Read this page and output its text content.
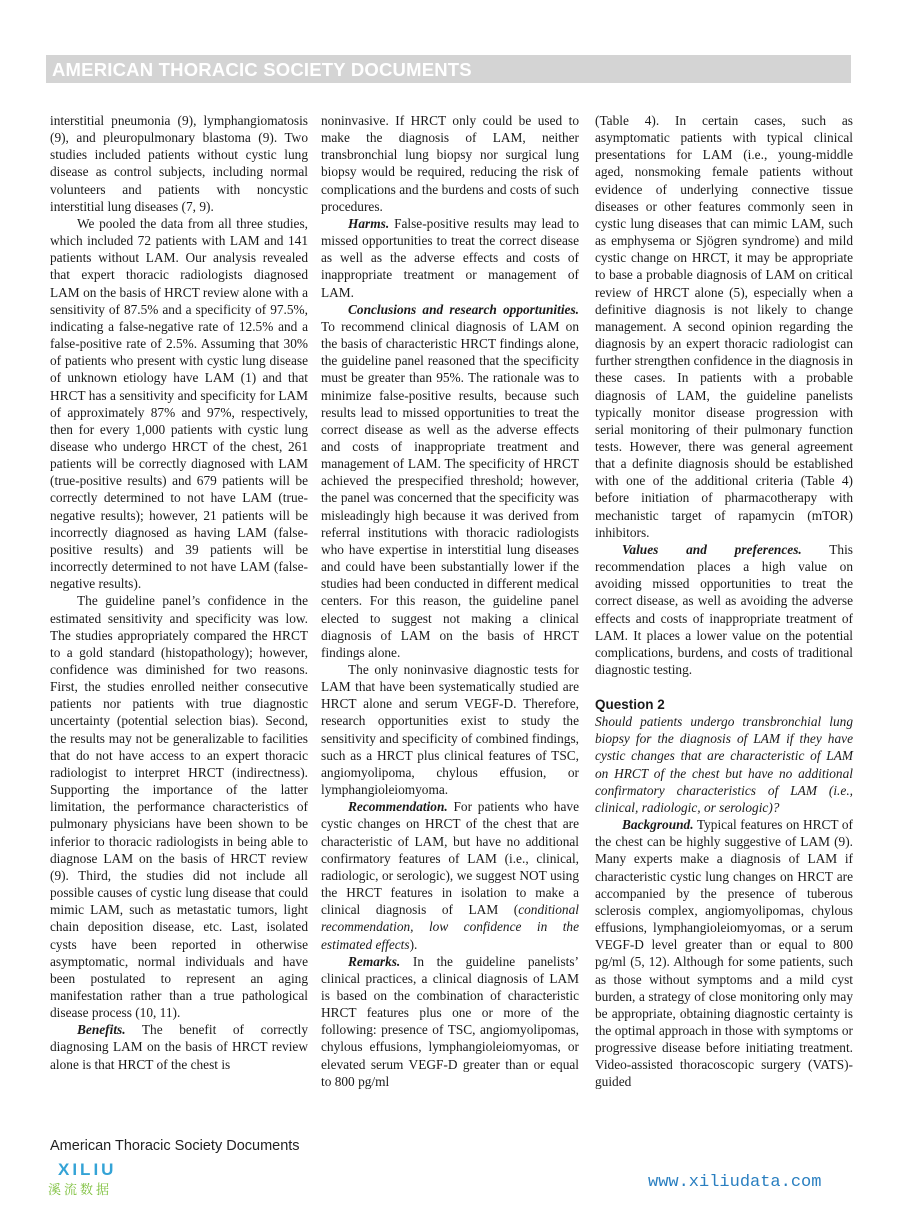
AMERICAN THORACIC SOCIETY DOCUMENTS

interstitial pneumonia (9), lymphangiomatosis (9), and pleuropulmonary blastoma (9). Two studies included patients without cystic lung disease as control subjects, including normal volunteers and patients with noncystic interstitial lung diseases (7, 9).

We pooled the data from all three studies, which included 72 patients with LAM and 141 patients without LAM. Our analysis revealed that expert thoracic radiologists diagnosed LAM on the basis of HRCT review alone with a sensitivity of 87.5% and a specificity of 97.5%, indicating a false-negative rate of 12.5% and a false-positive rate of 2.5%. Assuming that 30% of patients who present with cystic lung disease of unknown etiology have LAM (1) and that HRCT has a sensitivity and specificity for LAM of approximately 87% and 97%, respectively, then for every 1,000 patients with cystic lung disease who undergo HRCT of the chest, 261 patients will be correctly diagnosed with LAM (true-positive results) and 679 patients will be correctly determined to not have LAM (true-negative results); however, 21 patients will be incorrectly diagnosed as having LAM (false-positive results) and 39 patients will be incorrectly determined to not have LAM (false-negative results).

The guideline panel’s confidence in the estimated sensitivity and specificity was low. The studies appropriately compared the HRCT to a gold standard (histopathology); however, confidence was diminished for two reasons. First, the studies enrolled neither consecutive patients nor patients with true diagnostic uncertainty (potential selection bias). Second, the results may not be generalizable to facilities that do not have access to an expert thoracic radiologist to interpret HRCT (indirectness). Supporting the importance of the latter limitation, the performance characteristics of pulmonary physicians have been shown to be inferior to thoracic radiologists in being able to diagnose LAM on the basis of HRCT review (9). Third, the studies did not include all possible causes of cystic lung disease that could mimic LAM, such as metastatic tumors, light chain deposition disease, etc. Last, isolated cysts have been reported in otherwise asymptomatic, normal individuals and have been postulated to represent an aging manifestation rather than a true pathological disease process (10, 11).

Benefits. The benefit of correctly diagnosing LAM on the basis of HRCT review alone is that HRCT of the chest is

noninvasive. If HRCT only could be used to make the diagnosis of LAM, neither transbronchial lung biopsy nor surgical lung biopsy would be required, reducing the risk of complications and the burdens and costs of such procedures.

Harms. False-positive results may lead to missed opportunities to treat the correct disease as well as the adverse effects and costs of inappropriate treatment or management of LAM.

Conclusions and research opportunities. To recommend clinical diagnosis of LAM on the basis of characteristic HRCT findings alone, the guideline panel reasoned that the specificity must be greater than 95%. The rationale was to minimize false-positive results, because such results lead to missed opportunities to treat the correct disease as well as the adverse effects and costs of inappropriate treatment and management of LAM. The specificity of HRCT achieved the prespecified threshold; however, the panel was concerned that the specificity was misleadingly high because it was derived from referral institutions with thoracic radiologists who have expertise in interstitial lung diseases and could have been substantially lower if the studies had been conducted in different medical centers. For this reason, the guideline panel elected to suggest not making a clinical diagnosis of LAM on the basis of HRCT findings alone.

The only noninvasive diagnostic tests for LAM that have been systematically studied are HRCT alone and serum VEGF-D. Therefore, research opportunities exist to study the sensitivity and specificity of combined findings, such as a HRCT plus clinical features of TSC, angiomyolipoma, chylous effusion, or lymphangioleiomyoma.

Recommendation. For patients who have cystic changes on HRCT of the chest that are characteristic of LAM, but have no additional confirmatory features of LAM (i.e., clinical, radiologic, or serologic), we suggest NOT using the HRCT features in isolation to make a clinical diagnosis of LAM (conditional recommendation, low confidence in the estimated effects).

Remarks. In the guideline panelists’ clinical practices, a clinical diagnosis of LAM is based on the combination of characteristic HRCT features plus one or more of the following: presence of TSC, angiomyolipomas, chylous effusions, lymphangioleiomyomas, or elevated serum VEGF-D greater than or equal to 800 pg/ml

(Table 4). In certain cases, such as asymptomatic patients with typical clinical presentations for LAM (i.e., young-middle aged, nonsmoking female patients without evidence of underlying connective tissue diseases or other features commonly seen in cystic lung diseases that can mimic LAM, such as emphysema or Sjögren syndrome) and mild cystic change on HRCT, it may be appropriate to base a probable diagnosis of LAM on critical review of HRCT alone (5), especially when a definitive diagnosis is not likely to change management. A second opinion regarding the diagnosis by an expert thoracic radiologist can further strengthen confidence in the diagnosis in these cases. In patients with a probable diagnosis of LAM, the guideline panelists typically monitor disease progression with serial monitoring of their pulmonary function tests. However, there was general agreement that a definite diagnosis should be established with one of the additional criteria (Table 4) before initiation of pharmacotherapy with mechanistic target of rapamycin (mTOR) inhibitors.

Values and preferences. This recommendation places a high value on avoiding missed opportunities to treat the correct disease, as well as avoiding the adverse effects and costs of inappropriate treatment of LAM. It places a lower value on the potential complications, burdens, and costs of traditional diagnostic testing.

Question 2

Should patients undergo transbronchial lung biopsy for the diagnosis of LAM if they have cystic changes that are characteristic of LAM on HRCT of the chest but have no additional confirmatory characteristics of LAM (i.e., clinical, radiologic, or serologic)?

Background. Typical features on HRCT of the chest can be highly suggestive of LAM (9). Many experts make a diagnosis of LAM if characteristic cystic lung changes on HRCT are accompanied by the presence of tuberous sclerosis complex, angiomyolipomas, chylous effusions, lymphangioleiomyomas, or a serum VEGF-D level greater than or equal to 800 pg/ml (5, 12). Although for some patients, such as those without symptoms and a mild cyst burden, a strategy of close monitoring only may be appropriate, obtaining diagnostic certainty is the optimal approach in those with symptoms or progressive disease before initiating treatment. Video-assisted thoracoscopic surgery (VATS)-guided

American Thoracic Society Documents
XILIU
溪流数据	www.xiliudata.com
